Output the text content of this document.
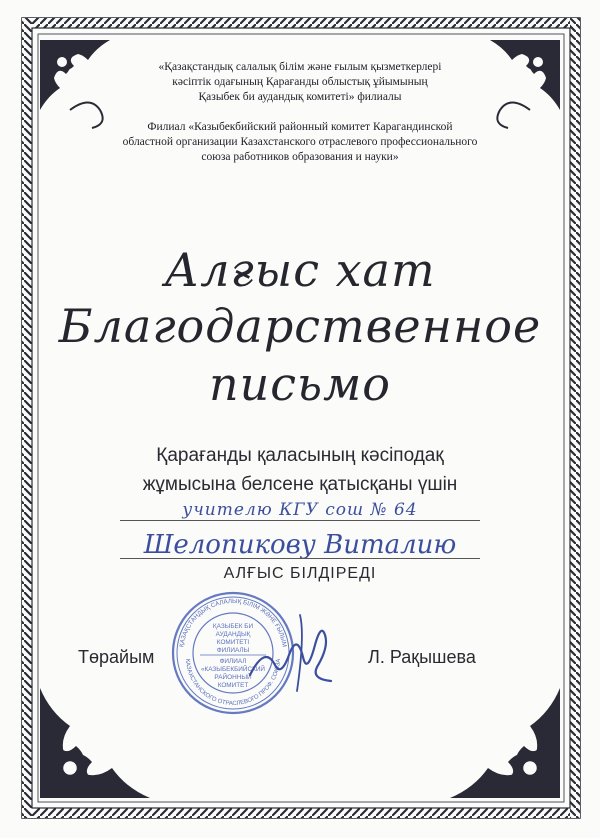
«Қазақстандық салалық білім және ғылым қызметкерлері
кәсіптік одағының Қарағанды облыстық ұйымының
Қазыбек би аудандық комитеті» филиалы
Филиал «Казыбекбийский районный комитет Карагандинской
областной организации Казахстанского отраслевого профессионального
союза работников образования и науки»
Алғыс хат
Благодарственное
письмо
Қарағанды қаласының кәсіподақ
жұмысына белсене қатысқаны үшін
учителю КГУ сош № 64
Шелопикову Виталию
АЛҒЫС БІЛДІРЕДІ
Төрайым	Л. Рақышева
ҚАЗАҚСТАНДЫҚ САЛАЛЫҚ БІЛІМ ЖӘНЕ ҒЫЛЫМ
КАЗАХСТАНСКОГО ОТРАСЛЕВОГО ПРОФ. СОЮЗА
ҚАЗЫБЕК БИ
АУДАНДЫҚ
КОМИТЕТІ
ФИЛИАЛЫ
ФИЛИАЛ
«КАЗЫБЕКБИЙСКИЙ
РАЙОННЫЙ
КОМИТЕТ
